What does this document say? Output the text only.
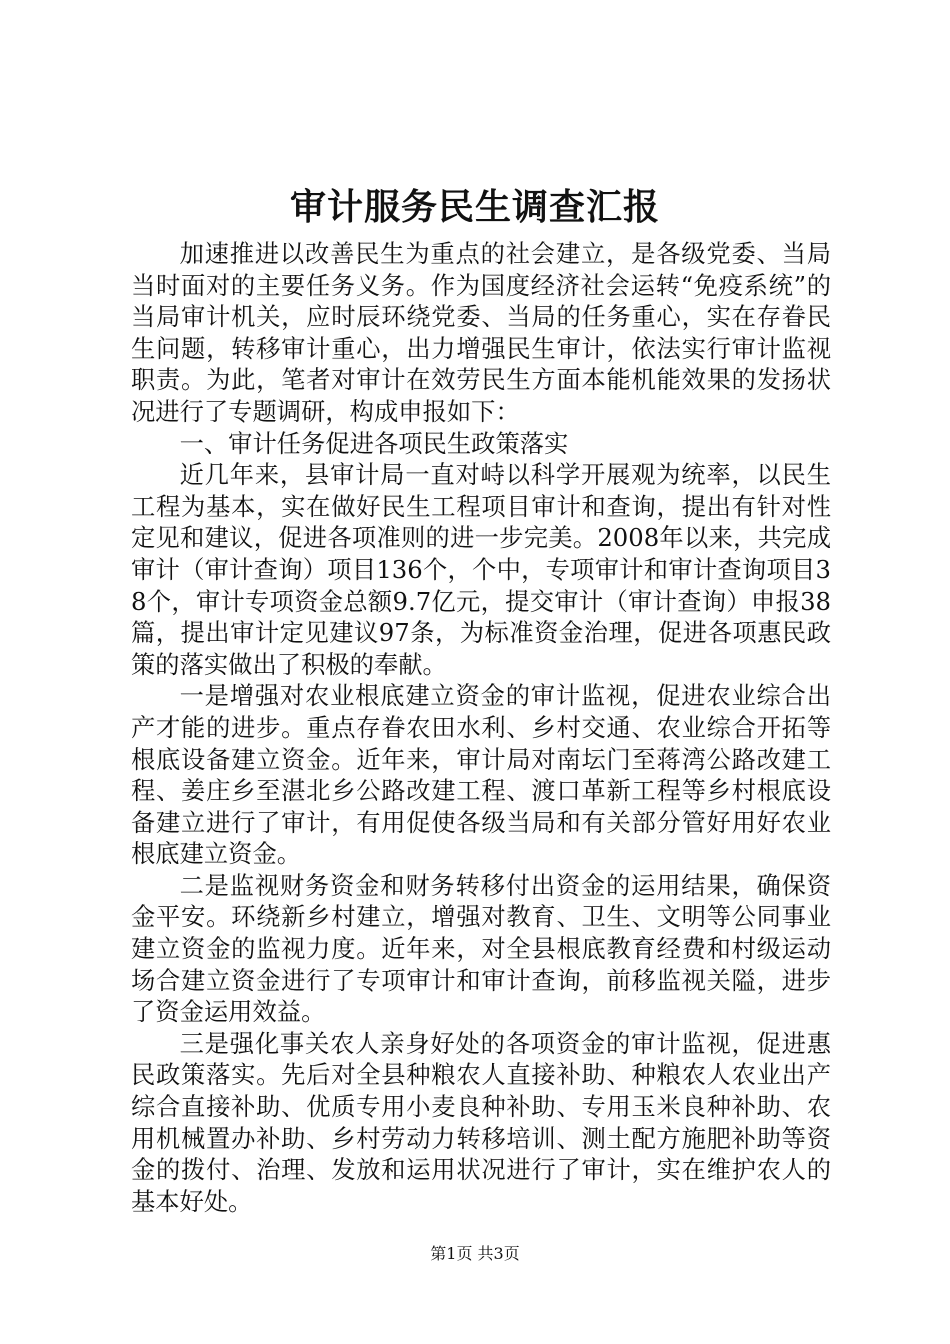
审计服务民生调查汇报

加速推进以改善民生为重点的社会建立，是各级党委、当局当时面对的主要任务义务。作为国度经济社会运转“免疫系统”的当局审计机关，应时辰环绕党委、当局的任务重心，实在存眷民生问题，转移审计重心，出力增强民生审计，依法实行审计监视职责。为此，笔者对审计在效劳民生方面本能机能效果的发扬状况进行了专题调研，构成申报如下：

一、审计任务促进各项民生政策落实

近几年来，县审计局一直对峙以科学开展观为统率，以民生工程为基本，实在做好民生工程项目审计和查询，提出有针对性定见和建议，促进各项准则的进一步完美。2008年以来，共完成审计（审计查询）项目136个，个中，专项审计和审计查询项目38个，审计专项资金总额9.7亿元，提交审计（审计查询）申报38篇，提出审计定见建议97条，为标准资金治理，促进各项惠民政策的落实做出了积极的奉献。

一是增强对农业根底建立资金的审计监视，促进农业综合出产才能的进步。重点存眷农田水利、乡村交通、农业综合开拓等根底设备建立资金。近年来，审计局对南坛门至蒋湾公路改建工程、姜庄乡至湛北乡公路改建工程、渡口革新工程等乡村根底设备建立进行了审计，有用促使各级当局和有关部分管好用好农业根底建立资金。

二是监视财务资金和财务转移付出资金的运用结果，确保资金平安。环绕新乡村建立，增强对教育、卫生、文明等公同事业建立资金的监视力度。近年来，对全县根底教育经费和村级运动场合建立资金进行了专项审计和审计查询，前移监视关隘，进步了资金运用效益。

三是强化事关农人亲身好处的各项资金的审计监视，促进惠民政策落实。先后对全县种粮农人直接补助、种粮农人农业出产综合直接补助、优质专用小麦良种补助、专用玉米良种补助、农用机械置办补助、乡村劳动力转移培训、测土配方施肥补助等资金的拨付、治理、发放和运用状况进行了审计，实在维护农人的基本好处。

第1页 共3页
